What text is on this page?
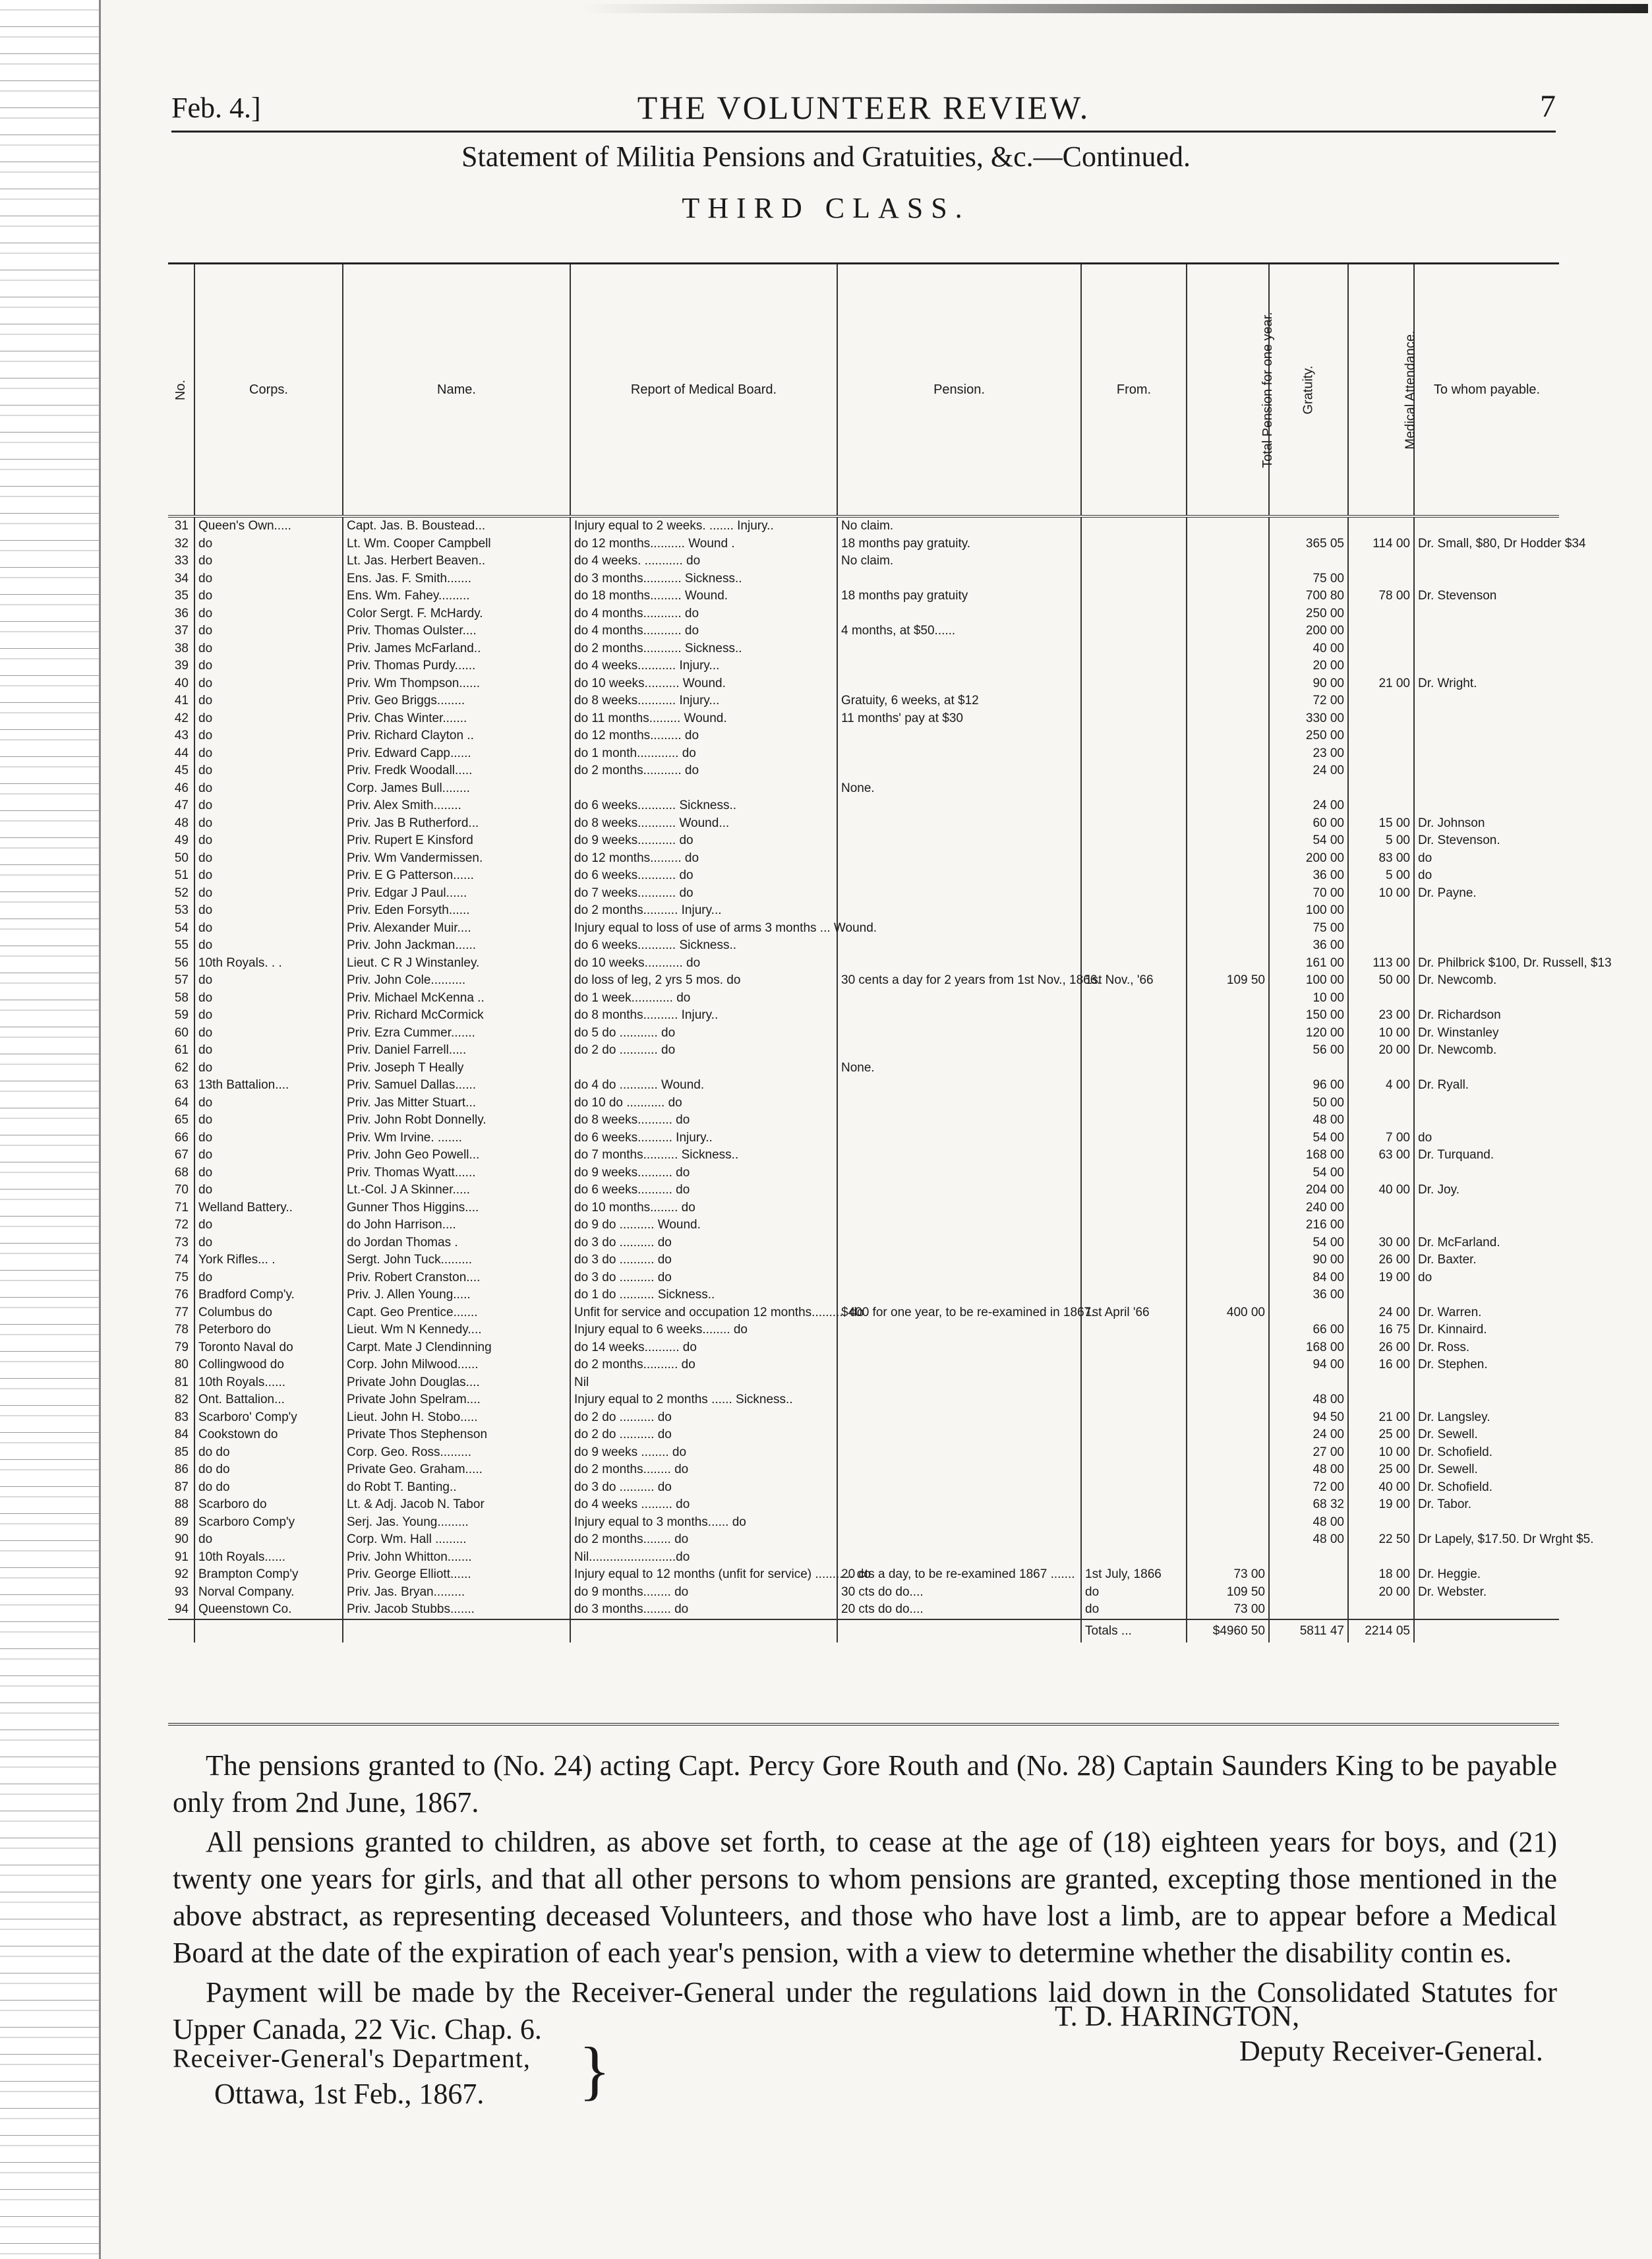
Feb. 4.]	THE VOLUNTEER REVIEW.	7
Statement of Militia Pensions and Gratuities, &c.—Continued.
THIRD CLASS.
No.	Corps.	Name.	Report of Medical Board.	Pension.	From.	Total Pension for one year.	Gratuity.	Medical Attendance.	To whom payable.
31	Queen's Own.....	Capt. Jas. B. Boustead...	Injury equal to 2 weeks. ....... Injury..	No claim.					
32	do	Lt. Wm. Cooper Campbell	do 12 months.......... Wound .	18 months pay gratuity.			365 05	114 00	Dr. Small, $80, Dr Hodder $34
33	do	Lt. Jas. Herbert Beaven..	do 4 weeks. ........... do	No claim.					
34	do	Ens. Jas. F. Smith.......	do 3 months........... Sickness..				75 00		
35	do	Ens. Wm. Fahey.........	do 18 months......... Wound.	18 months pay gratuity			700 80	78 00	Dr. Stevenson
36	do	Color Sergt. F. McHardy.	do 4 months........... do				250 00		
37	do	Priv. Thomas Oulster....	do 4 months........... do	4 months, at $50......			200 00		
38	do	Priv. James McFarland..	do 2 months........... Sickness..				40 00		
39	do	Priv. Thomas Purdy......	do 4 weeks........... Injury...				20 00		
40	do	Priv. Wm Thompson......	do 10 weeks.......... Wound.				90 00	21 00	Dr. Wright.
41	do	Priv. Geo Briggs........	do 8 weeks........... Injury...	Gratuity, 6 weeks, at $12			72 00		
42	do	Priv. Chas Winter.......	do 11 months......... Wound.	11 months' pay at $30			330 00		
43	do	Priv. Richard Clayton ..	do 12 months......... do				250 00		
44	do	Priv. Edward Capp......	do 1 month............ do				23 00		
45	do	Priv. Fredk Woodall.....	do 2 months........... do				24 00		
46	do	Corp. James Bull........		None.					
47	do	Priv. Alex Smith........	do 6 weeks........... Sickness..				24 00		
48	do	Priv. Jas B Rutherford...	do 8 weeks........... Wound...				60 00	15 00	Dr. Johnson
49	do	Priv. Rupert E Kinsford	do 9 weeks........... do				54 00	5 00	Dr. Stevenson.
50	do	Priv. Wm Vandermissen.	do 12 months......... do				200 00	83 00	do
51	do	Priv. E G Patterson......	do 6 weeks........... do				36 00	5 00	do
52	do	Priv. Edgar J Paul......	do 7 weeks........... do				70 00	10 00	Dr. Payne.
53	do	Priv. Eden Forsyth......	do 2 months.......... Injury...				100 00		
54	do	Priv. Alexander Muir....	Injury equal to loss of use of arms 3 months ... Wound.				75 00		
55	do	Priv. John Jackman......	do 6 weeks........... Sickness..				36 00		
56	10th Royals. . .	Lieut. C R J Winstanley.	do 10 weeks........... do				161 00	113 00	Dr. Philbrick $100, Dr. Russell, $13
57	do	Priv. John Cole..........	do loss of leg, 2 yrs 5 mos. do	30 cents a day for 2 years from 1st Nov., 1866.	1st Nov., '66	109 50	100 00	50 00	Dr. Newcomb.
58	do	Priv. Michael McKenna ..	do 1 week............ do				10 00		
59	do	Priv. Richard McCormick	do 8 months.......... Injury..				150 00	23 00	Dr. Richardson
60	do	Priv. Ezra Cummer.......	do 5 do ........... do				120 00	10 00	Dr. Winstanley
61	do	Priv. Daniel Farrell.....	do 2 do ........... do				56 00	20 00	Dr. Newcomb.
62	do	Priv. Joseph T Heally		None.					
63	13th Battalion....	Priv. Samuel Dallas......	do 4 do ........... Wound.				96 00	4 00	Dr. Ryall.
64	do	Priv. Jas Mitter Stuart...	do 10 do ........... do				50 00		
65	do	Priv. John Robt Donnelly.	do 8 weeks.......... do				48 00		
66	do	Priv. Wm Irvine. .......	do 6 weeks.......... Injury..				54 00	7 00	do
67	do	Priv. John Geo Powell...	do 7 months.......... Sickness..				168 00	63 00	Dr. Turquand.
68	do	Priv. Thomas Wyatt......	do 9 weeks.......... do				54 00		
70	do	Lt.-Col. J A Skinner.....	do 6 weeks.......... do				204 00	40 00	Dr. Joy.
71	Welland Battery..	Gunner Thos Higgins....	do 10 months........ do				240 00		
72	do	do John Harrison....	do 9 do .......... Wound.				216 00		
73	do	do Jordan Thomas .	do 3 do .......... do				54 00	30 00	Dr. McFarland.
74	York Rifles... .	Sergt. John Tuck.........	do 3 do .......... do				90 00	26 00	Dr. Baxter.
75	do	Priv. Robert Cranston....	do 3 do .......... do				84 00	19 00	do
76	Bradford Comp'y.	Priv. J. Allen Young.....	do 1 do .......... Sickness..				36 00		
77	Columbus do	Capt. Geo Prentice.......	Unfit for service and occupation 12 months.......... do	$400 for one year, to be re-examined in 1867.	1st April '66	400 00		24 00	Dr. Warren.
78	Peterboro do	Lieut. Wm N Kennedy....	Injury equal to 6 weeks........ do				66 00	16 75	Dr. Kinnaird.
79	Toronto Naval do	Carpt. Mate J Clendinning	do 14 weeks.......... do				168 00	26 00	Dr. Ross.
80	Collingwood do	Corp. John Milwood......	do 2 months.......... do				94 00	16 00	Dr. Stephen.
81	10th Royals......	Private John Douglas....	Nil						
82	Ont. Battalion...	Private John Spelram....	Injury equal to 2 months ...... Sickness..				48 00		
83	Scarboro' Comp'y	Lieut. John H. Stobo.....	do 2 do .......... do				94 50	21 00	Dr. Langsley.
84	Cookstown do	Private Thos Stephenson	do 2 do .......... do				24 00	25 00	Dr. Sewell.
85	do do	Corp. Geo. Ross.........	do 9 weeks ........ do				27 00	10 00	Dr. Schofield.
86	do do	Private Geo. Graham.....	do 2 months........ do				48 00	25 00	Dr. Sewell.
87	do do	do Robt T. Banting..	do 3 do .......... do				72 00	40 00	Dr. Schofield.
88	Scarboro do	Lt. & Adj. Jacob N. Tabor	do 4 weeks ......... do				68 32	19 00	Dr. Tabor.
89	Scarboro Comp'y	Serj. Jas. Young.........	Injury equal to 3 months...... do				48 00		
90	do	Corp. Wm. Hall .........	do 2 months........ do				48 00	22 50	Dr Lapely, $17.50. Dr Wrght $5.
91	10th Royals......	Priv. John Whitton.......	Nil.........................do						
92	Brampton Comp'y	Priv. George Elliott......	Injury equal to 12 months (unfit for service) ........... do	20 cts a day, to be re-examined 1867 .......	1st July, 1866	73 00		18 00	Dr. Heggie.
93	Norval Company.	Priv. Jas. Bryan.........	do 9 months........ do	30 cts do do....	do	109 50		20 00	Dr. Webster.
94	Queenstown Co.	Priv. Jacob Stubbs.......	do 3 months........ do	20 cts do do....	do	73 00			
					Totals ...	$4960 50	5811 47	2214 05	

The pensions granted to (No. 24) acting Capt. Percy Gore Routh and (No. 28) Captain Saunders King to be payable only from 2nd June, 1867.

All pensions granted to children, as above set forth, to cease at the age of (18) eighteen years for boys, and (21) twenty one years for girls, and that all other persons to whom pensions are granted, excepting those mentioned in the above abstract, as representing deceased Volunteers, and those who have lost a limb, are to appear before a Medical Board at the date of the expiration of each year's pension, with a view to determine whether the disability contin es.

Payment will be made by the Receiver-General under the regulations laid down in the Consolidated Statutes for Upper Canada, 22 Vic. Chap. 6.	T. D. HARINGTON,
Deputy Receiver-General.
Receiver-General's Department,
Ottawa, 1st Feb., 1867. }
